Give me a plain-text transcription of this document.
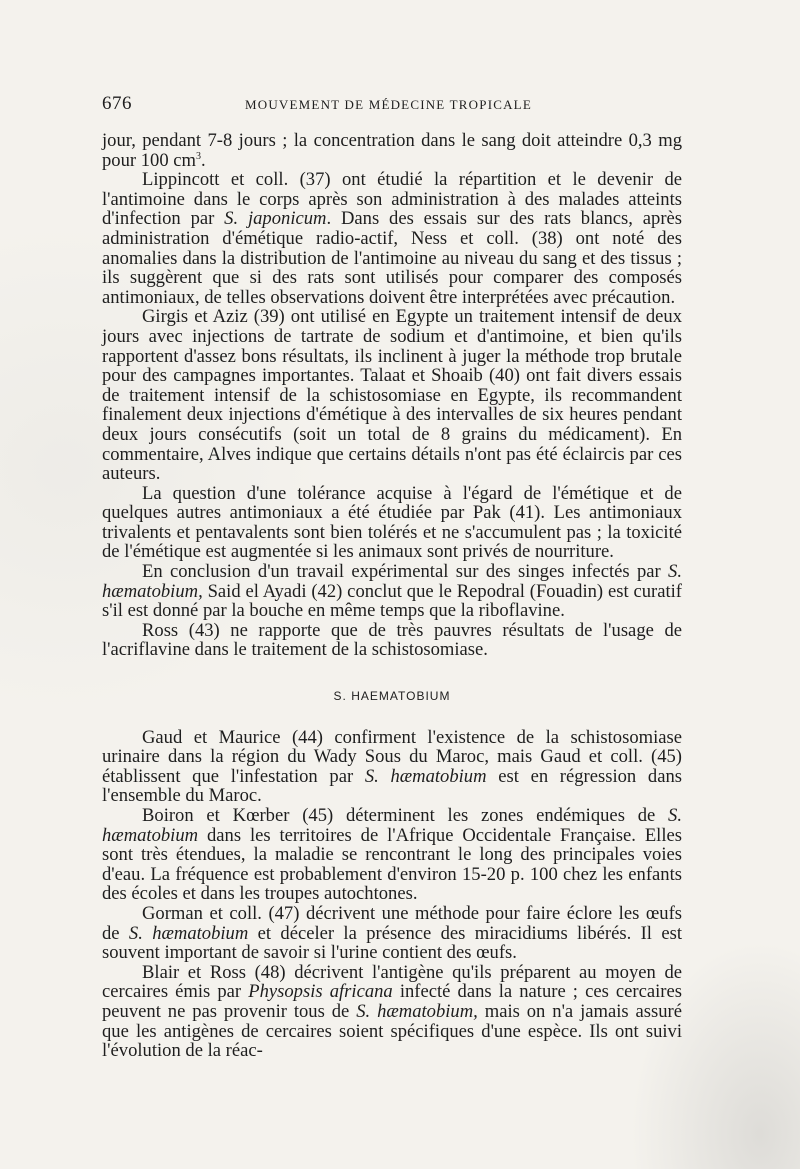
676	MOUVEMENT DE MÉDECINE TROPICALE

jour, pendant 7-8 jours ; la concentration dans le sang doit atteindre 0,3 mg pour 100 $cm^3$.

Lippincott et coll. (37) ont étudié la répartition et le devenir de l'antimoine dans le corps après son administration à des malades atteints d'infection par S. japonicum. Dans des essais sur des rats blancs, après administration d'émétique radio-actif, Ness et coll. (38) ont noté des anomalies dans la distribution de l'antimoine au niveau du sang et des tissus ; ils suggèrent que si des rats sont utilisés pour comparer des composés antimoniaux, de telles observations doivent être interprétées avec précaution.

Girgis et Aziz (39) ont utilisé en Egypte un traitement intensif de deux jours avec injections de tartrate de sodium et d'antimoine, et bien qu'ils rapportent d'assez bons résultats, ils inclinent à juger la méthode trop brutale pour des campagnes importantes. Talaat et Shoaib (40) ont fait divers essais de traitement intensif de la schistosomiase en Egypte, ils recommandent finalement deux injections d'émétique à des intervalles de six heures pendant deux jours consécutifs (soit un total de 8 grains du médicament). En commentaire, Alves indique que certains détails n'ont pas été éclaircis par ces auteurs.

La question d'une tolérance acquise à l'égard de l'émétique et de quelques autres antimoniaux a été étudiée par Pak (41). Les antimoniaux trivalents et pentavalents sont bien tolérés et ne s'accumulent pas ; la toxicité de l'émétique est augmentée si les animaux sont privés de nourriture.

En conclusion d'un travail expérimental sur des singes infectés par S. hæmatobium, Said el Ayadi (42) conclut que le Repodral (Fouadin) est curatif s'il est donné par la bouche en même temps que la riboflavine.

Ross (43) ne rapporte que de très pauvres résultats de l'usage de l'acriflavine dans le traitement de la schistosomiase.

S. HAEMATOBIUM

Gaud et Maurice (44) confirment l'existence de la schistosomiase urinaire dans la région du Wady Sous du Maroc, mais Gaud et coll. (45) établissent que l'infestation par S. hæmatobium est en régression dans l'ensemble du Maroc.

Boiron et Kœrber (45) déterminent les zones endémiques de S. hæmatobium dans les territoires de l'Afrique Occidentale Française. Elles sont très étendues, la maladie se rencontrant le long des principales voies d'eau. La fréquence est probablement d'environ 15-20 p. 100 chez les enfants des écoles et dans les troupes autochtones.

Gorman et coll. (47) décrivent une méthode pour faire éclore les œufs de S. hæmatobium et déceler la présence des miracidiums libérés. Il est souvent important de savoir si l'urine contient des œufs.

Blair et Ross (48) décrivent l'antigène qu'ils préparent au moyen de cercaires émis par Physopsis africana infecté dans la nature ; ces cercaires peuvent ne pas provenir tous de S. hæmatobium, mais on n'a jamais assuré que les antigènes de cercaires soient spécifiques d'une espèce. Ils ont suivi l'évolution de la réac-
